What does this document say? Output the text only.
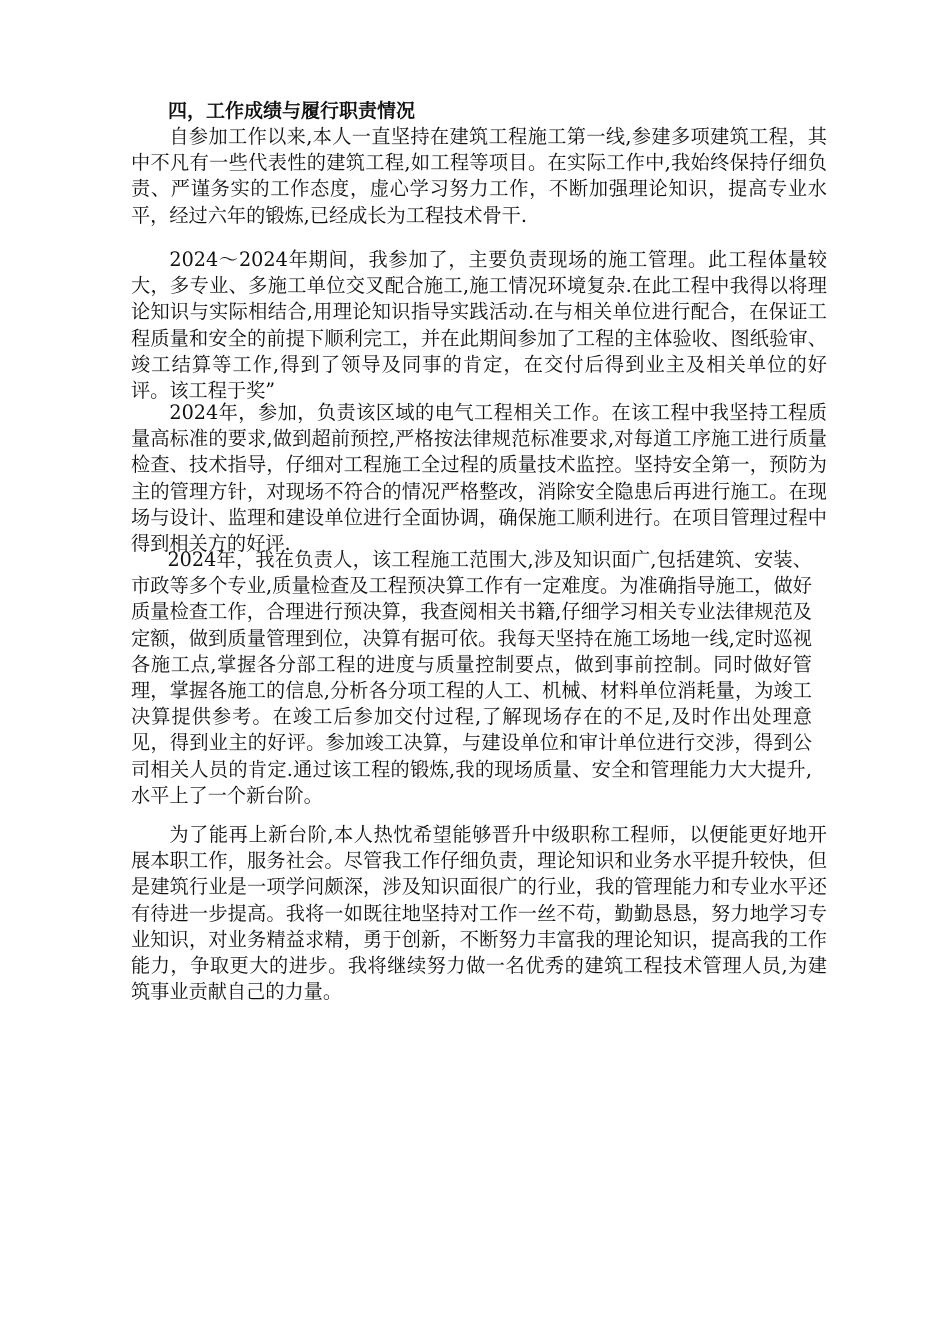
四，工作成绩与履行职责情况

自参加工作以来,本人一直坚持在建筑工程施工第一线,参建多项建筑工程，其中不凡有一些代表性的建筑工程,如工程等项目。在实际工作中,我始终保持仔细负责、严谨务实的工作态度，虚心学习努力工作，不断加强理论知识，提高专业水平，经过六年的锻炼,已经成长为工程技术骨干.

2024～2024年期间，我参加了，主要负责现场的施工管理。此工程体量较大，多专业、多施工单位交叉配合施工,施工情况环境复杂.在此工程中我得以将理论知识与实际相结合,用理论知识指导实践活动.在与相关单位进行配合，在保证工程质量和安全的前提下顺利完工，并在此期间参加了工程的主体验收、图纸验审、竣工结算等工作,得到了领导及同事的肯定，在交付后得到业主及相关单位的好评。该工程于奖”

2024年，参加，负责该区域的电气工程相关工作。在该工程中我坚持工程质量高标准的要求,做到超前预控,严格按法律规范标准要求,对每道工序施工进行质量检查、技术指导，仔细对工程施工全过程的质量技术监控。坚持安全第一，预防为主的管理方针，对现场不符合的情况严格整改，消除安全隐患后再进行施工。在现场与设计、监理和建设单位进行全面协调，确保施工顺利进行。在项目管理过程中得到相关方的好评.

2024年，我在负责人，该工程施工范围大,涉及知识面广,包括建筑、安装、市政等多个专业,质量检查及工程预决算工作有一定难度。为准确指导施工，做好质量检查工作，合理进行预决算，我查阅相关书籍,仔细学习相关专业法律规范及定额，做到质量管理到位，决算有据可依。我每天坚持在施工场地一线,定时巡视各施工点,掌握各分部工程的进度与质量控制要点，做到事前控制。同时做好管理，掌握各施工的信息,分析各分项工程的人工、机械、材料单位消耗量，为竣工决算提供参考。在竣工后参加交付过程,了解现场存在的不足,及时作出处理意见，得到业主的好评。参加竣工决算，与建设单位和审计单位进行交涉，得到公司相关人员的肯定.通过该工程的锻炼,我的现场质量、安全和管理能力大大提升,水平上了一个新台阶。

为了能再上新台阶,本人热忱希望能够晋升中级职称工程师，以便能更好地开展本职工作，服务社会。尽管我工作仔细负责，理论知识和业务水平提升较快，但是建筑行业是一项学问颇深，涉及知识面很广的行业，我的管理能力和专业水平还有待进一步提高。我将一如既往地坚持对工作一丝不苟，勤勤恳恳，努力地学习专业知识，对业务精益求精，勇于创新，不断努力丰富我的理论知识，提高我的工作能力，争取更大的进步。我将继续努力做一名优秀的建筑工程技术管理人员,为建筑事业贡献自己的力量。
